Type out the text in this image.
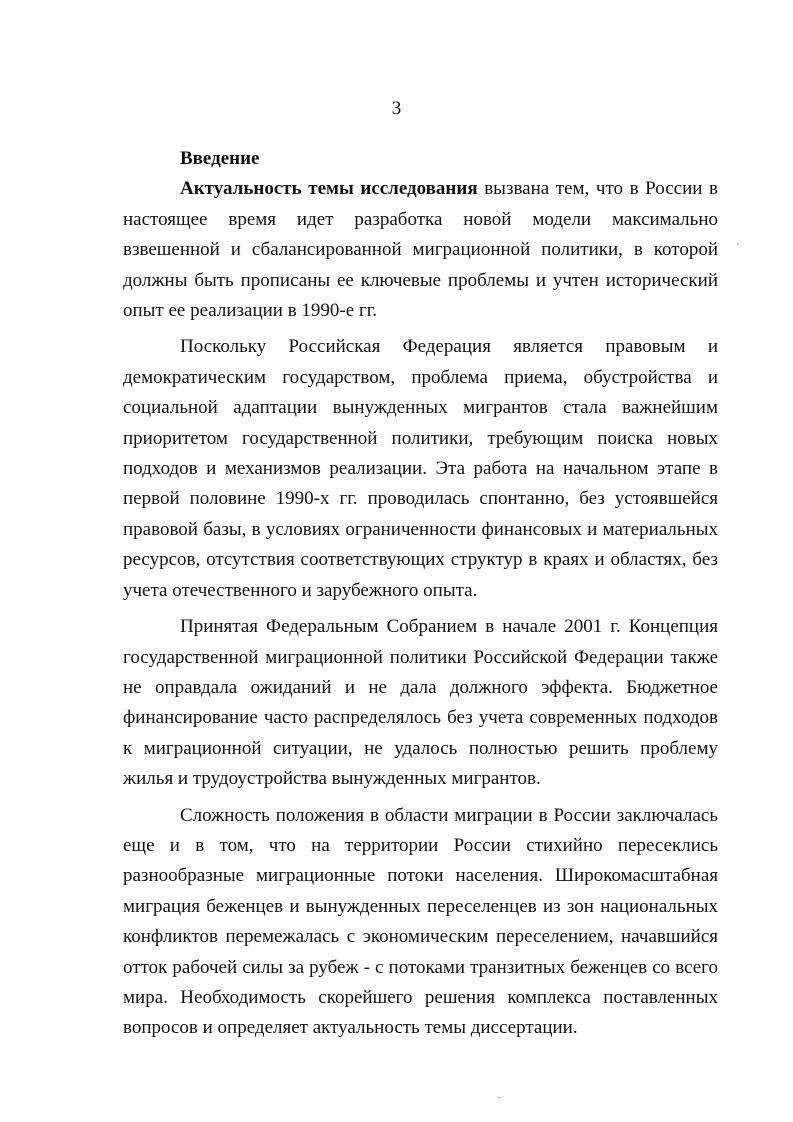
3

Введение

Актуальность темы исследования вызвана тем, что в России в настоящее время идет разработка новой модели максимально взвешенной и сбалансированной миграционной политики, в которой должны быть прописаны ее ключевые проблемы и учтен исторический опыт ее реализации в 1990-е гг.

Поскольку Российская Федерация является правовым и демократическим государством, проблема приема, обустройства и социальной адаптации вынужденных мигрантов стала важнейшим приоритетом государственной политики, требующим поиска новых подходов и механизмов реализации. Эта работа на начальном этапе в первой половине 1990-х гг. проводилась спонтанно, без устоявшейся правовой базы, в условиях ограниченности финансовых и материальных ресурсов, отсутствия соответствующих структур в краях и областях, без учета отечественного и зарубежного опыта.

Принятая Федеральным Собранием в начале 2001 г. Концепция государственной миграционной политики Российской Федерации также не оправдала ожиданий и не дала должного эффекта. Бюджетное финансирование часто распределялось без учета современных подходов к миграционной ситуации, не удалось полностью решить проблему жилья и трудоустройства вынужденных мигрантов.

Сложность положения в области миграции в России заключалась еще и в том, что на территории России стихийно пересеклись разнообразные миграционные потоки населения. Широкомасштабная миграция беженцев и вынужденных переселенцев из зон национальных конфликтов перемежалась с экономическим переселением, начавшийся отток рабочей силы за рубеж - с потоками транзитных беженцев со всего мира. Необходимость скорейшего решения комплекса поставленных вопросов и определяет актуальность темы диссертации.
